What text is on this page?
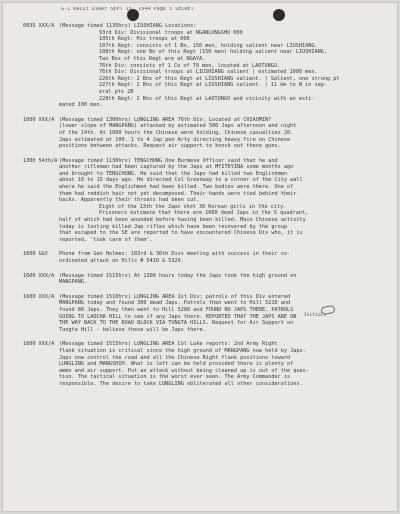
G-1 DAILY DIARY SEPT 15, 1944 Page 5 SECRET
0935 XXX/A (Message timed 1135hrs) LIUSHIANG Locations:
93rd Div: Divisional troops at NGANLUNGSHU 000
105th Regt: His troops at 000
107th Regt: consists of 1 Bn, 150 men, holding salient near LIUSHIANG.
108th Regt: one Bn of this Regt (150 men) holding salient near LIUSHIANG.
Two Bns of this Regt are at NGAYA.
76th Div: consists of 1 Co of 70 men, located at LAOTUNGO.
76th Div: Divisional troops at LIUSHIANG salient ) estimated 1000 men.
226th Regt: 2 Bns of this Regt at LIUSHIANG salient. ) Salient, one strong pt
227th Regt: 2 Bns of this Regt at LIUSHIANG salient. ) 11 km to W in sep-
eral pts 2B
228th Regt: 2 Bns of this Regt at LAOTUNGO and vicinity with an esti-
mated 100 men.
1000 XXX/A (Message timed 1300hrs) LUNGLING AREA 76th Div: Located at CHIAOMIN?
(lower slope of MANGPANG) attacked by estimated 500 Japs afternoon and night
of the 14th. At 1000 hours the Chinese were holding. Chinese casualties 20.
Japs estimated at 100. 1 to 4 Jap pen Arty directing heavy fire on Chinese
positions between attacks. Request air support to knock out these guns.
1300 54th/A (Message timed 1130hrs) TENGCHUNG One Burmese Officer said that he and
another rifleman had been captured by the Japs at MYITKYINA some months ago
and brought to TENGCHUNG. He said that the Japs had killed two Englishmen
about 10 to 15 days ago. He directed Col Greenway to a corner of the City wall
where he said the Englishmen had been killed. Two bodies were there. One of
them had reddish hair not yet decomposed. Their hands were tied behind their
backs. Apparently their throats had been cut.
Eight of the 13th the Japs shot 30 Korean girls in the city.
Prisoners estimate that there are 1000 dead Japs in the S quadrant,
half of which had been wounded before having been killed. Main Chinese activity
today is looting killed Jap rifles which have been recovered by the group
that escaped to the SE are reported to have encountered Chinese Div who, it is
reported, 'took care of them'.
1600 G&Y	Phone from Gen Holmes: 103rd & 36th Divs meeting with success in their co-
ordinated attack on Hills # 5410 & 5320.
1600 XXX/A (Message timed 1515hrs) At 1300 hours today the Japs took the high ground on
MANGPANG.
1600 XXX/A (Message timed 1510hrs) LUNGLING AREA 1st Div: patrols of this Div entered
MANGPANG today and found 300 dead Japs. Patrols then went to Hill 5210 and
found 80 Japs. They then went to Hill 5280 and FOUND NO JAPS THERE. PATROLS
GOING TO LAOCHA HILL to see if any Japs there. REPORTED THAT THE JAPS ARE ON
THE WAY BACK TO THE ROAD BLOCK VIA TUNGTA HILLS. Request for Air Support on
Tungta Hill - believe these will be Japs there.
1600 XXX/A (Message timed 1515hrs) LUNGLING AREA Col Luke reports: 2nd Army Right
flank situation is critical since the high ground of MANGPANG now held by Japs.
Japs now control the road and all the Chinese Right flank positions toward
LUNGLING and MANGSHIH. What is left can be held provided there is plenty of
ammo and air support. Put an attack without being cleaned up is out of the ques-
tion. The tactical situation is the worst ever seen. The Army Commander is
responsible. The desire to take LUNGLING obliterated all other considerations.
Initials
